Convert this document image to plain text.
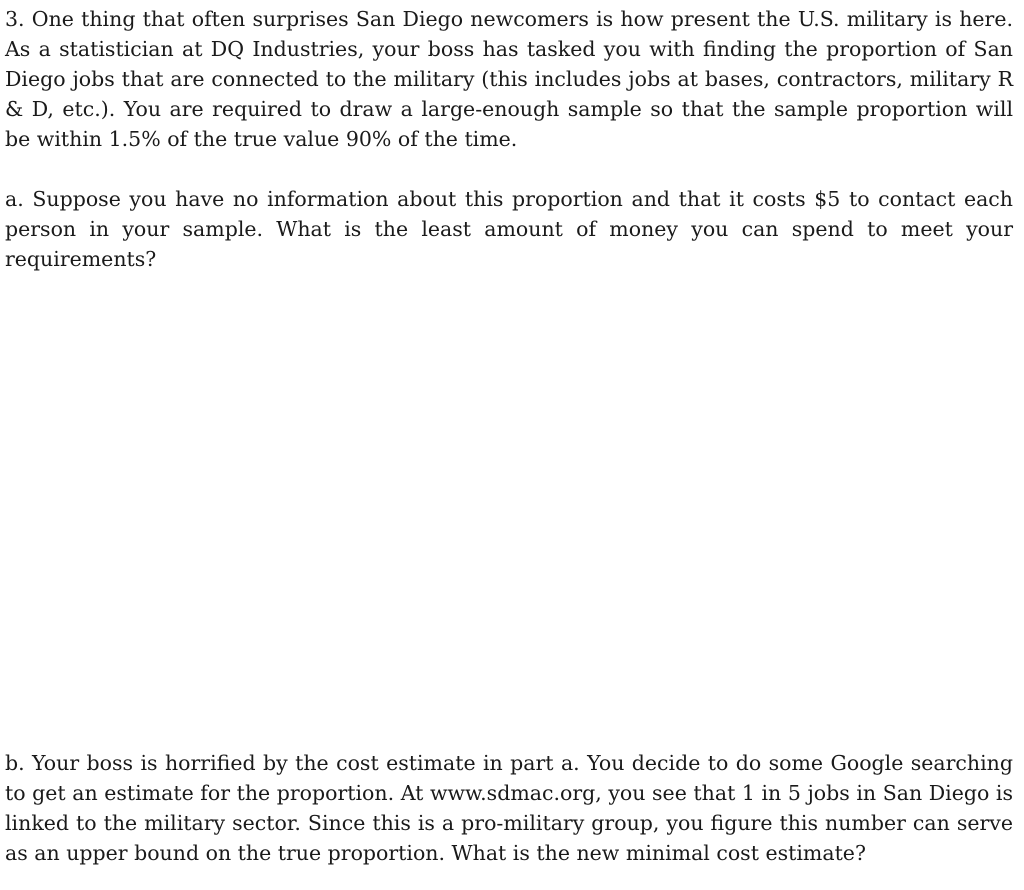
3. One thing that often surprises San Diego newcomers is how present the U.S. military is here. As a statistician at DQ Industries, your boss has tasked you with finding the proportion of San Diego jobs that are connected to the military (this includes jobs at bases, contractors, military R & D, etc.). You are required to draw a large-enough sample so that the sample proportion will be within 1.5% of the true value 90% of the time.

a. Suppose you have no information about this proportion and that it costs $5 to contact each person in your sample. What is the least amount of money you can spend to meet your requirements?

b. Your boss is horrified by the cost estimate in part a. You decide to do some Google searching to get an estimate for the proportion. At www.sdmac.org, you see that 1 in 5 jobs in San Diego is linked to the military sector. Since this is a pro-military group, you figure this number can serve as an upper bound on the true proportion. What is the new minimal cost estimate?
